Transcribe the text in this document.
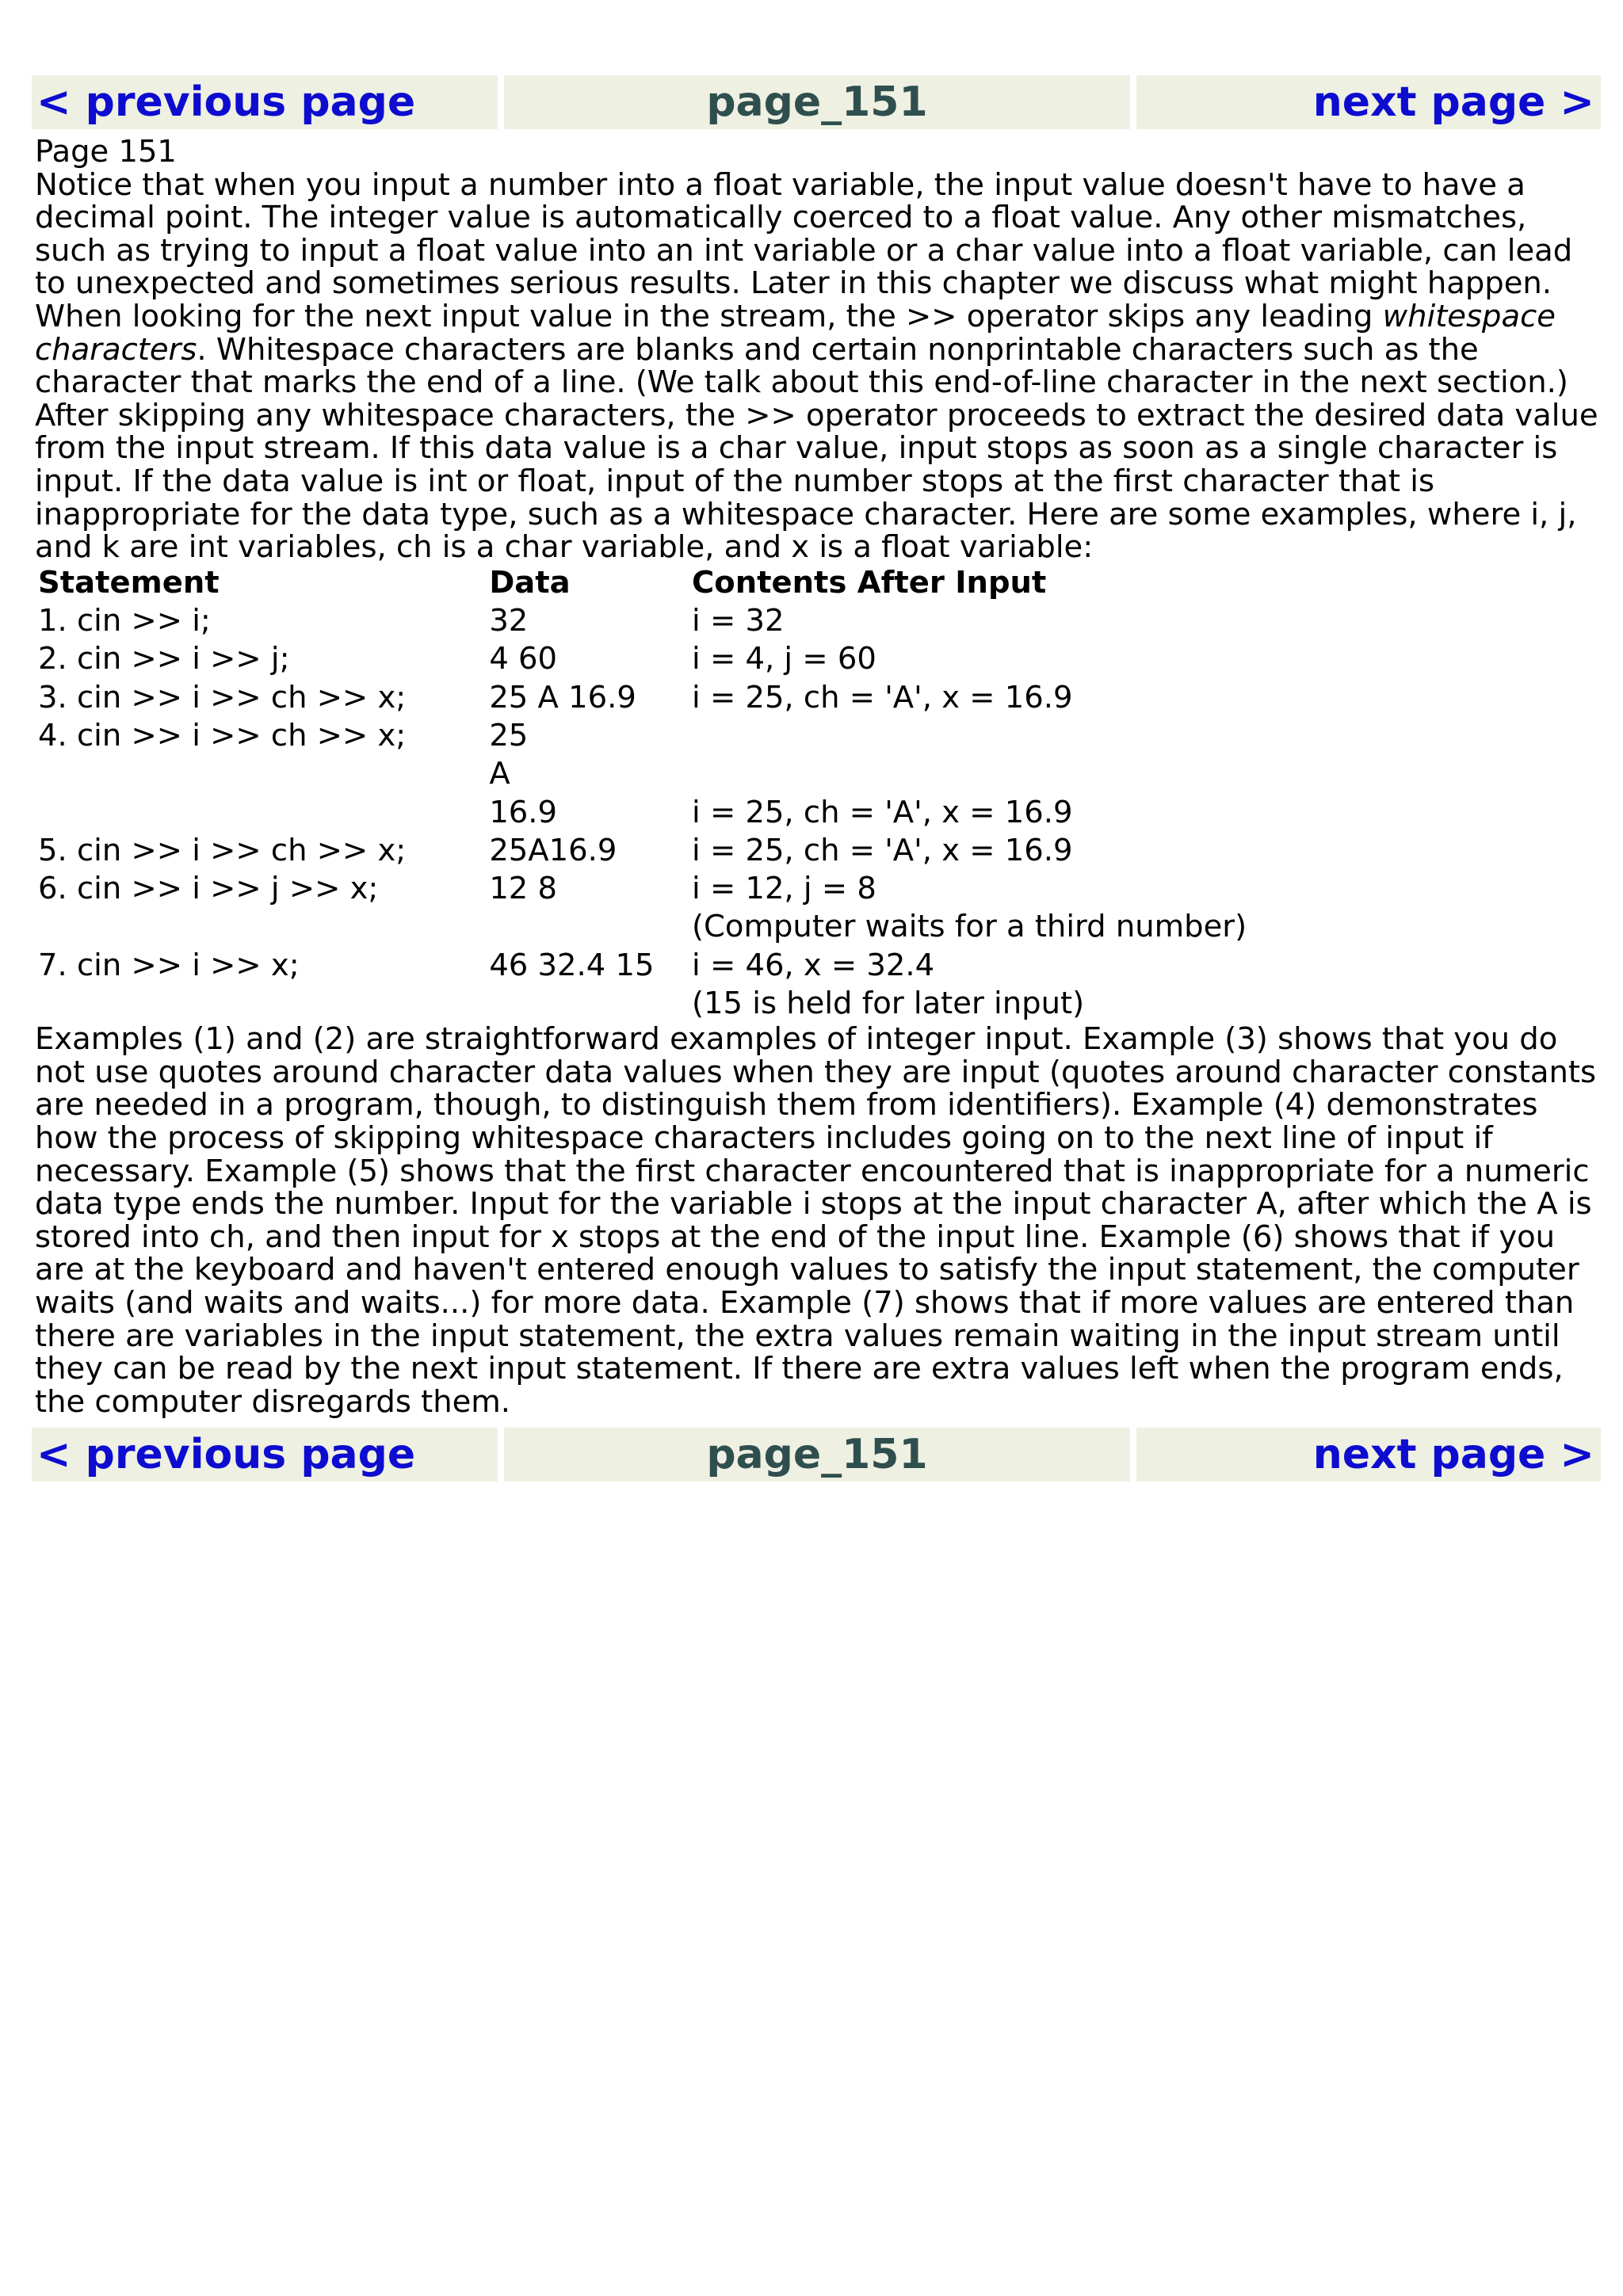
< previous page	page_151	next page >

Page 151

Notice that when you input a number into a float variable, the input value doesn't have to have a decimal point. The integer value is automatically coerced to a float value. Any other mismatches, such as trying to input a float value into an int variable or a char value into a float variable, can lead to unexpected and sometimes serious results. Later in this chapter we discuss what might happen.

When looking for the next input value in the stream, the >> operator skips any leading whitespace characters. Whitespace characters are blanks and certain nonprintable characters such as the character that marks the end of a line. (We talk about this end-of-line character in the next section.) After skipping any whitespace characters, the >> operator proceeds to extract the desired data value from the input stream. If this data value is a char value, input stops as soon as a single character is input. If the data value is int or float, input of the number stops at the first character that is inappropriate for the data type, such as a whitespace character. Here are some examples, where i, j, and k are int variables, ch is a char variable, and x is a float variable:

Statement	Data	Contents After Input
1. cin >> i;	32	i = 32
2. cin >> i >> j;	4 60	i = 4, j = 60
3. cin >> i >> ch >> x;	25 A 16.9	i = 25, ch = 'A', x = 16.9
4. cin >> i >> ch >> x;	25	
	A	
	16.9	i = 25, ch = 'A', x = 16.9
5. cin >> i >> ch >> x;	25A16.9	i = 25, ch = 'A', x = 16.9
6. cin >> i >> j >> x;	12 8	i = 12, j = 8
		(Computer waits for a third number)
7. cin >> i >> x;	46 32.4 15	i = 46, x = 32.4
		(15 is held for later input)

Examples (1) and (2) are straightforward examples of integer input. Example (3) shows that you do not use quotes around character data values when they are input (quotes around character constants are needed in a program, though, to distinguish them from identifiers). Example (4) demonstrates how the process of skipping whitespace characters includes going on to the next line of input if necessary. Example (5) shows that the first character encountered that is inappropriate for a numeric data type ends the number. Input for the variable i stops at the input character A, after which the A is stored into ch, and then input for x stops at the end of the input line. Example (6) shows that if you are at the keyboard and haven't entered enough values to satisfy the input statement, the computer waits (and waits and waits...) for more data. Example (7) shows that if more values are entered than there are variables in the input statement, the extra values remain waiting in the input stream until they can be read by the next input statement. If there are extra values left when the program ends, the computer disregards them.

< previous page	page_151	next page >
